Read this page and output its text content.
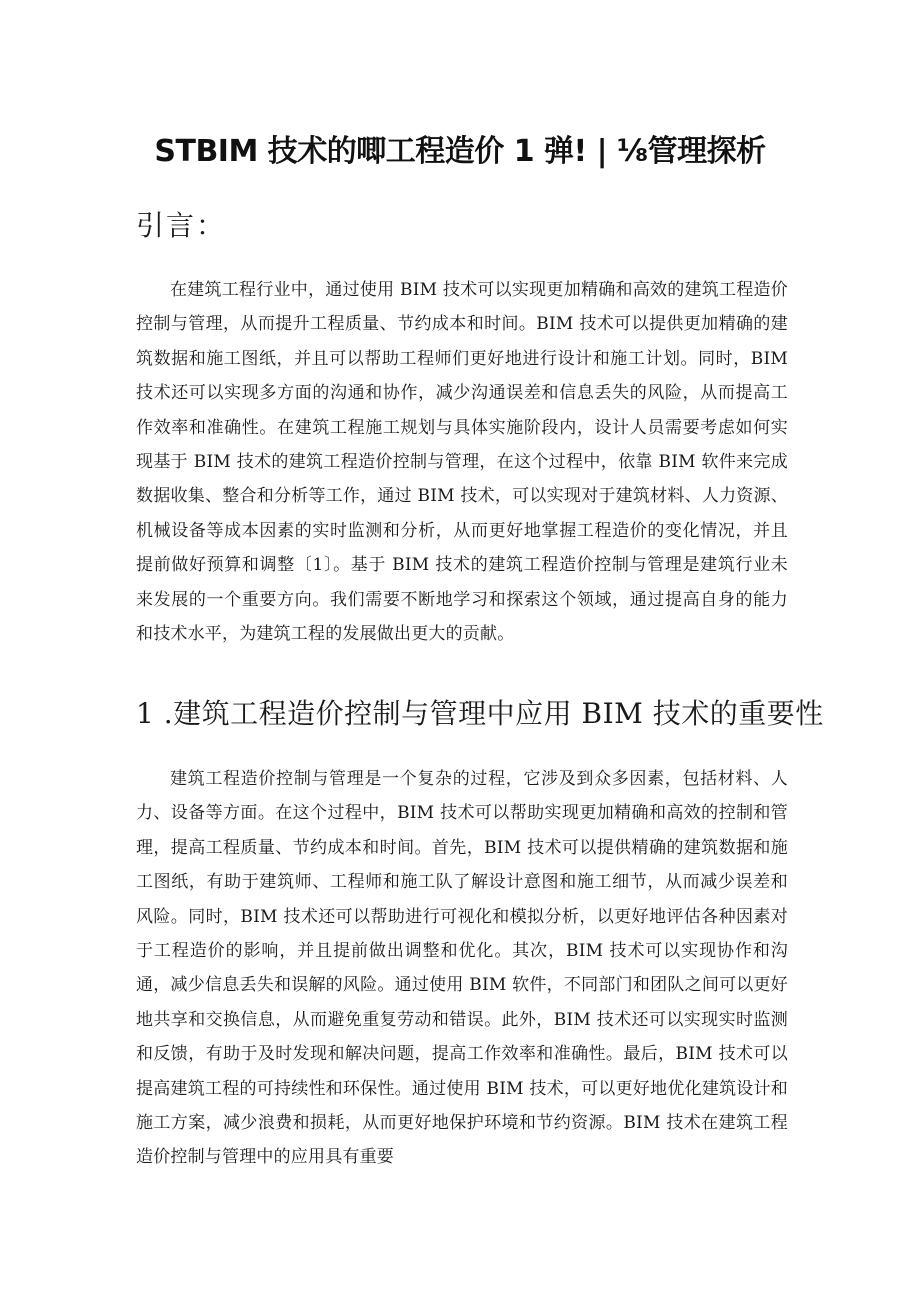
STBIM 技术的唧工程造价 1 弹! | ⅛管理探析
引言：

在建筑工程行业中，通过使用 BIM 技术可以实现更加精确和高效的建筑工程造价控制与管理，从而提升工程质量、节约成本和时间。BIM 技术可以提供更加精确的建筑数据和施工图纸，并且可以帮助工程师们更好地进行设计和施工计划。同时，BIM 技术还可以实现多方面的沟通和协作，减少沟通误差和信息丢失的风险，从而提高工作效率和准确性。在建筑工程施工规划与具体实施阶段内，设计人员需要考虑如何实现基于 BIM 技术的建筑工程造价控制与管理，在这个过程中，依靠 BIM 软件来完成数据收集、整合和分析等工作，通过 BIM 技术，可以实现对于建筑材料、人力资源、机械设备等成本因素的实时监测和分析，从而更好地掌握工程造价的变化情况，并且提前做好预算和调整〔1〕。基于 BIM 技术的建筑工程造价控制与管理是建筑行业未来发展的一个重要方向。我们需要不断地学习和探索这个领域，通过提高自身的能力和技术水平，为建筑工程的发展做出更大的贡献。

1 .建筑工程造价控制与管理中应用 BIM 技术的重要性

建筑工程造价控制与管理是一个复杂的过程，它涉及到众多因素，包括材料、人力、设备等方面。在这个过程中，BIM 技术可以帮助实现更加精确和高效的控制和管理，提高工程质量、节约成本和时间。首先，BIM 技术可以提供精确的建筑数据和施工图纸，有助于建筑师、工程师和施工队了解设计意图和施工细节，从而减少误差和风险。同时，BIM 技术还可以帮助进行可视化和模拟分析，以更好地评估各种因素对于工程造价的影响，并且提前做出调整和优化。其次，BIM 技术可以实现协作和沟通，减少信息丢失和误解的风险。通过使用 BIM 软件，不同部门和团队之间可以更好地共享和交换信息，从而避免重复劳动和错误。此外，BIM 技术还可以实现实时监测和反馈，有助于及时发现和解决问题，提高工作效率和准确性。最后，BIM 技术可以提高建筑工程的可持续性和环保性。通过使用 BIM 技术，可以更好地优化建筑设计和施工方案，减少浪费和损耗，从而更好地保护环境和节约资源。BIM 技术在建筑工程造价控制与管理中的应用具有重要
